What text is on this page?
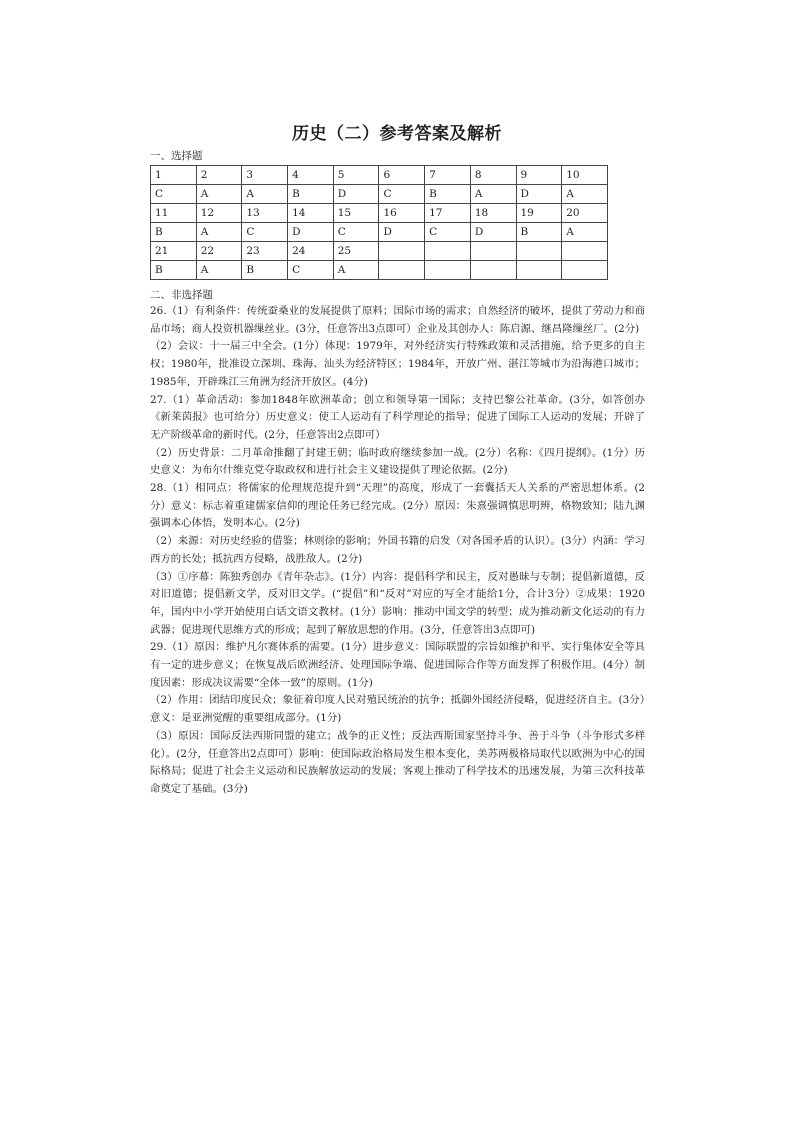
历史（二）参考答案及解析
一、选择题
1	2	3	4	5	6	7	8	9	10
C	A	A	B	D	C	B	A	D	A
11	12	13	14	15	16	17	18	19	20
B	A	C	D	C	D	C	D	B	A
21	22	23	24	25					
B	A	B	C	A					
二、非选择题

26.（1）有利条件：传统蚕桑业的发展提供了原料；国际市场的需求；自然经济的破坏，提供了劳动力和商品市场；商人投资机器缫丝业。(3分，任意答出3点即可）企业及其创办人：陈启源、继昌隆缫丝厂。(2分)

（2）会议：十一届三中全会。(1分）体现：1979年，对外经济实行特殊政策和灵活措施，给予更多的自主权；1980年，批准设立深圳、珠海、汕头为经济特区；1984年，开放广州、湛江等城市为沿海港口城市；1985年，开辟珠江三角洲为经济开放区。(4分)

27.（1）革命活动：参加1848年欧洲革命；创立和领导第一国际；支持巴黎公社革命。(3分，如答创办《新莱茵报》也可给分）历史意义：使工人运动有了科学理论的指导；促进了国际工人运动的发展；开辟了无产阶级革命的新时代。(2分，任意答出2点即可）

（2）历史背景：二月革命推翻了封建王朝；临时政府继续参加一战。(2分）名称：《四月提纲》。(1分）历史意义：为布尔什维克党夺取政权和进行社会主义建设提供了理论依据。(2分)

28.（1）相同点：将儒家的伦理规范提升到“天理”的高度，形成了一套囊括天人关系的严密思想体系。(2分）意义：标志着重建儒家信仰的理论任务已经完成。(2分）原因：朱熹强调慎思明辨，格物致知；陆九渊强调本心体悟，发明本心。(2分)

（2）来源：对历史经验的借鉴；林则徐的影响；外国书籍的启发（对各国矛盾的认识）。(3分）内涵：学习西方的长处；抵抗西方侵略，战胜敌人。(2分)

（3）①序幕：陈独秀创办《青年杂志》。(1分）内容：提倡科学和民主，反对愚昧与专制；提倡新道德，反对旧道德；提倡新文学，反对旧文学。(“提倡”和“反对”对应的写全才能给1分，合计3分）②成果：1920年，国内中小学开始使用白话文语文教材。(1分）影响：推动中国文学的转型；成为推动新文化运动的有力武器；促进现代思维方式的形成；起到了解放思想的作用。(3分，任意答出3点即可)

29.（1）原因：维护凡尔赛体系的需要。(1分）进步意义：国际联盟的宗旨如维护和平、实行集体安全等具有一定的进步意义；在恢复战后欧洲经济、处理国际争端、促进国际合作等方面发挥了积极作用。(4分）制度因素：形成决议需要“全体一致”的原则。(1分)

（2）作用：团结印度民众；象征着印度人民对殖民统治的抗争；抵御外国经济侵略，促进经济自主。(3分）意义：是亚洲觉醒的重要组成部分。(1分)

（3）原因：国际反法西斯同盟的建立；战争的正义性；反法西斯国家坚持斗争、善于斗争（斗争形式多样化）。(2分，任意答出2点即可）影响：使国际政治格局发生根本变化，美苏两极格局取代以欧洲为中心的国际格局；促进了社会主义运动和民族解放运动的发展；客观上推动了科学技术的迅速发展，为第三次科技革命奠定了基础。(3分)
